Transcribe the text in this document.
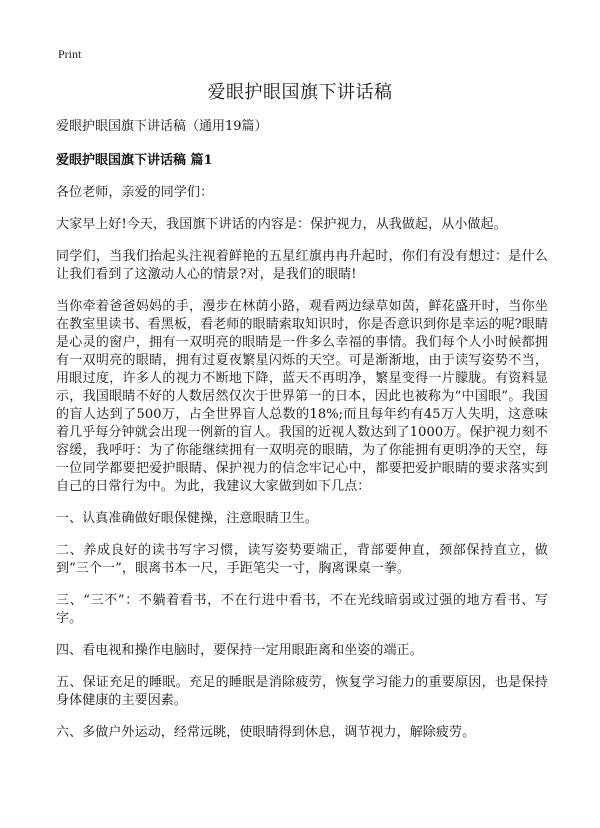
Print
爱眼护眼国旗下讲话稿

爱眼护眼国旗下讲话稿（通用19篇）

爱眼护眼国旗下讲话稿 篇1

各位老师，亲爱的同学们：

大家早上好!今天，我国旗下讲话的内容是：保护视力，从我做起，从小做起。

同学们，当我们抬起头注视着鲜艳的五星红旗冉冉升起时，你们有没有想过：是什么让我们看到了这激动人心的情景?对，是我们的眼睛!

当你牵着爸爸妈妈的手，漫步在林荫小路，观看两边绿草如茵，鲜花盛开时，当你坐在教室里读书、看黑板，看老师的眼睛索取知识时，你是否意识到你是幸运的呢?眼睛是心灵的窗户，拥有一双明亮的眼睛是一件多么幸福的事情。我们每个人小时候都拥有一双明亮的眼睛，拥有过夏夜繁星闪烁的天空。可是渐渐地，由于读写姿势不当，用眼过度，许多人的视力不断地下降，蓝天不再明净，繁星变得一片朦胧。有资料显示，我国眼睛不好的人数居然仅次于世界第一的日本，因此也被称为“中国眼”。我国的盲人达到了500万，占全世界盲人总数的18%;而且每年约有45万人失明，这意味着几乎每分钟就会出现一例新的盲人。我国的近视人数达到了1000万。保护视力刻不容缓，我呼吁：为了你能继续拥有一双明亮的眼睛，为了你能拥有更明净的天空，每一位同学都要把爱护眼睛、保护视力的信念牢记心中，都要把爱护眼睛的要求落实到自己的日常行为中。为此，我建议大家做到如下几点：

一、认真准确做好眼保健操，注意眼睛卫生。

二、养成良好的读书写字习惯，读写姿势要端正，背部要伸直，颈部保持直立，做到“三个一”，眼离书本一尺，手距笔尖一寸，胸离课桌一拳。

三、“三不”：不躺着看书，不在行进中看书，不在光线暗弱或过强的地方看书、写字。

四、看电视和操作电脑时，要保持一定用眼距离和坐姿的端正。

五、保证充足的睡眠。充足的睡眠是消除疲劳，恢复学习能力的重要原因，也是保持身体健康的主要因素。

六、多做户外运动，经常远眺，使眼睛得到休息，调节视力，解除疲劳。
